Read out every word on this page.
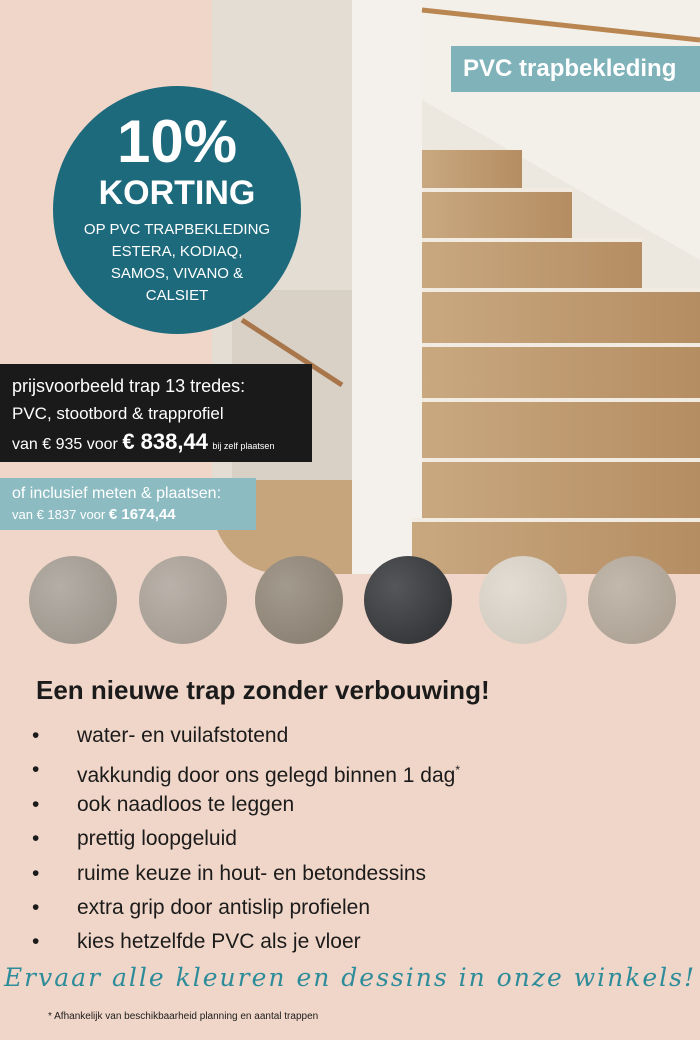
PVC trapbekleding
10%
KORTING
OP PVC TRAPBEKLEDING
ESTERA, KODIAQ,
SAMOS, VIVANO &
CALSIET
prijsvoorbeeld trap 13 tredes:
PVC, stootbord & trapprofiel
van € 935 voor € 838,44 bij zelf plaatsen
of inclusief meten & plaatsen:
van € 1837 voor € 1674,44
Een nieuwe trap zonder verbouwing!
• water- en vuilafstotend
• vakkundig door ons gelegd binnen 1 dag*
• ook naadloos te leggen
• prettig loopgeluid
• ruime keuze in hout- en betondessins
• extra grip door antislip profielen
• kies hetzelfde PVC als je vloer
Ervaar alle kleuren en dessins in onze winkels!
* Afhankelijk van beschikbaarheid planning en aantal trappen
